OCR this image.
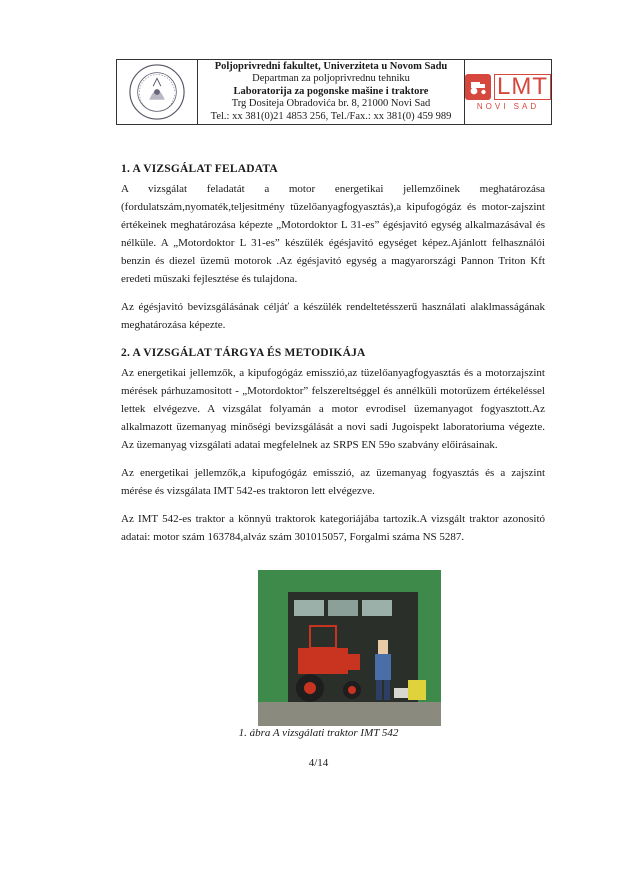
Poljoprivredni fakultet, Univerziteta u Novom Sadu
Departman za poljoprivrednu tehniku
Laboratorija za pogonske mašine i traktore
Trg Dositeja Obradovića br. 8, 21000 Novi Sad
Tel.: xx 381(0)21 4853 256, Tel./Fax.: xx 381(0) 459 989
LMT
NOVI SAD
1. A VIZSGÁLAT FELADATA

A vizsgálat feladatát a motor energetikai jellemzőinek meghatározása (fordulatszám,nyomaték,teljesitmény tüzelőanyagfogyasztás),a kipufogógáz és motor-zajszint értékeinek meghatározása képezte „Motordoktor L 31-es” égésjavitó egység alkalmazásával és nélküle. A „Motordoktor L 31-es” készülék égésjavitó egységet képez.Ajánlott felhasználói benzin és diezel üzemü motorok .Az égésjavitó egység a magyarországi Pannon Triton Kft eredeti müszaki fejlesztése és tulajdona.

Az égésjavitó bevizsgálásának céljáť a készülék rendeltetésszerű használati alaklmasságának meghatározása képezte.

2. A VIZSGÁLAT TÁRGYA ÉS METODIKÁJA

Az energetikai jellemzők, a kipufogógáz emisszió,az tüzelőanyagfogyasztás és a motorzajszint mérések párhuzamositott - „Motordoktor” felszereltséggel és annélküli motorüzem értékeléssel lettek elvégezve. A vizsgálat folyamán a motor evrodisel üzemanyagot fogyasztott.Az alkalmazott üzemanyag minőségi bevizsgálását a novi sadi Jugoispekt laboratoriuma végezte. Az üzemanyag vizsgálati adatai megfelelnek az SRPS EN 59o szabvány előirásainak.

Az energetikai jellemzők,a kipufogógáz emisszió, az üzemanyag fogyasztás és a zajszint mérése és vizsgálata IMT 542-es traktoron lett elvégezve.

Az IMT 542-es traktor a könnyü traktorok kategoriájába tartozik.A vizsgált traktor azonositó adatai: motor szám 163784,alváz szám 301015057, Forgalmi száma NS 5287.

1. ábra A vizsgálati traktor IMT 542
4/14
